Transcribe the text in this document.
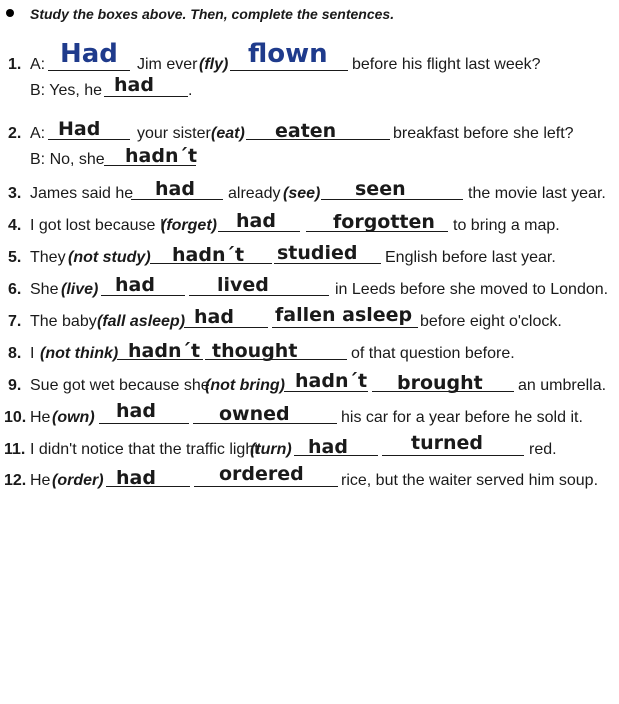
Study the boxes above. Then, complete the sentences.
1. A: Had Jim ever (fly) flown before his flight last week?
B: Yes, he had .
2. A: Had your sister (eat) eaten	breakfast before she left?
B: No, she hadn´t
3. James said he had already (see) seen	the movie last year.
4. I got lost because I
(forget) had	forgotten to bring a map.
5. They (not study) hadn´t studied English before last year.
6. She (live) had	lived	in Leeds before she moved to London.
7. The baby (fall asleep) had fallen asleep before eight o'clock.
8. I (not think) hadn´t thought	of that question before.
9. Sue got wet because she
(not bring) hadn´t brought an umbrella.
10. He (own) had	owned	his car for a year before he sold it.
11. I didn't notice that the traffic light
(turn) had	turned	red.
12. He (order) had	ordered rice, but the waiter served him soup.
